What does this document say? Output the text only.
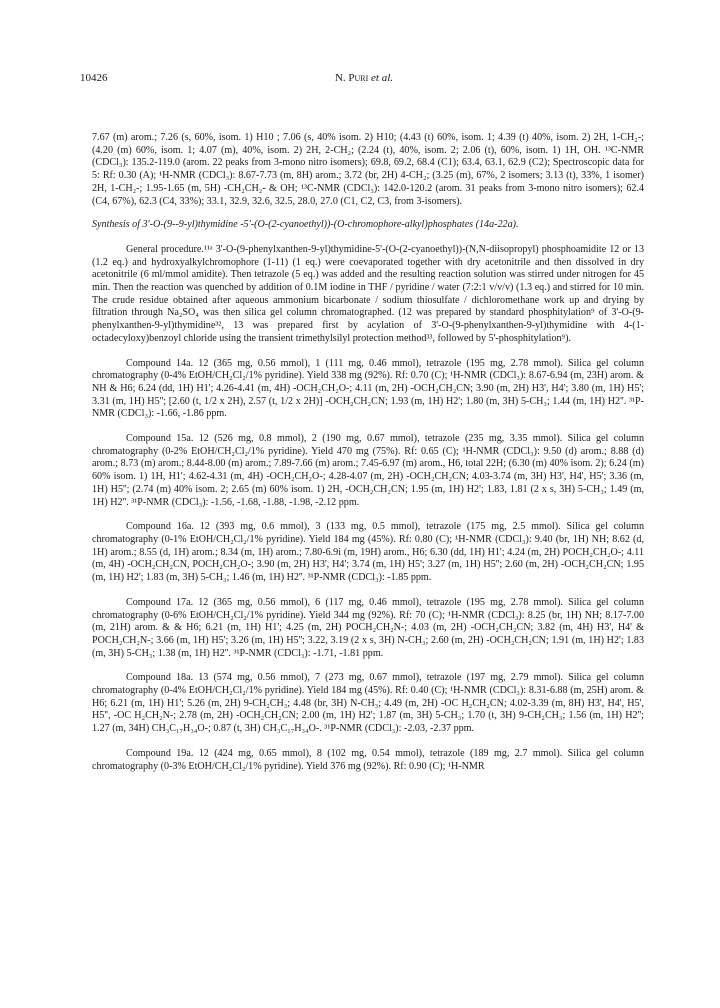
10426	N. Puri et al.

7.67 (m) arom.; 7.26 (s, 60%, isom. 1) H10 ; 7.06 (s, 40% isom. 2) H10; (4.43 (t) 60%, isom. 1; 4.39 (t) 40%, isom. 2) 2H, 1-CH₂-; (4.20 (m) 60%, isom. 1; 4.07 (m), 40%, isom. 2) 2H, 2-CH₂; (2.24 (t), 40%, isom. 2; 2.06 (t), 60%, isom. 1) 1H, OH. ¹³C-NMR (CDCl₃): 135.2-119.0 (arom. 22 peaks from 3-mono nitro isomers); 69.8, 69.2, 68.4 (C1); 63.4, 63.1, 62.9 (C2); Spectroscopic data for 5: Rf: 0.30 (A); ¹H-NMR (CDCl₃): 8.67-7.73 (m, 8H) arom.; 3.72 (br, 2H) 4-CH₂; (3.25 (m), 67%, 2 isomers; 3.13 (t), 33%, 1 isomer) 2H, 1-CH₂-; 1.95-1.65 (m, 5H) -CH₂CH₂- & OH; ¹³C-NMR (CDCl₃): 142.0-120.2 (arom. 31 peaks from 3-mono nitro isomers); 62.4 (C4, 67%), 62.3 (C4, 33%); 33.1, 32.9, 32.6, 32.5, 28.0, 27.0 (C1, C2, C3, from 3-isomers).

Synthesis of 3'-O-(9--9-yl)thymidine -5'-(O-(2-cyanoethyl))-(O-chromophore-alkyl)phosphates (14a-22a).

General procedure.¹¹ᵃ 3'-O-(9-phenylxanthen-9-yl)thymidine-5'-(O-(2-cyanoethyl))-(N,N-diisopropyl) phosphoamidite 12 or 13 (1.2 eq.) and hydroxyalkylchromophore (1-11) (1 eq.) were coevaporated together with dry acetonitrile and then dissolved in dry acetonitrile (6 ml/mmol amidite). Then tetrazole (5 eq.) was added and the resulting reaction solution was stirred under nitrogen for 45 min. Then the reaction was quenched by addition of 0.1M iodine in THF / pyridine / water (7:2:1 v/v/v) (1.3 eq.) and stirred for 10 min. The crude residue obtained after aqueous ammonium bicarbonate / sodium thiosulfate / dichloromethane work up and drying by filtration through Na₂SO₄ was then silica gel column chromatographed. (12 was prepared by standard phosphitylation⁹ of 3'-O-(9-phenylxanthen-9-yl)thymidine³², 13 was prepared first by acylation of 3'-O-(9-phenylxanthen-9-yl)thymidine with 4-(1-octadecyloxy)benzoyl chloride using the transient trimethylsilyl protection method³³, followed by 5'-phosphitylation⁹).

Compound 14a. 12 (365 mg, 0.56 mmol), 1 (111 mg, 0.46 mmol), tetrazole (195 mg, 2.78 mmol). Silica gel column chromatography (0-4% EtOH/CH₂Cl₂/1% pyridine). Yield 338 mg (92%). Rf: 0.70 (C); ¹H-NMR (CDCl₃): 8.67-6.94 (m, 23H) arom. & NH & H6; 6.24 (dd, 1H) H1'; 4.26-4.41 (m, 4H) -OCH₂CH₂O-; 4.11 (m, 2H) -OCH₂CH₂CN; 3.90 (m, 2H) H3', H4'; 3.80 (m, 1H) H5'; 3.31 (m, 1H) H5''; [2.60 (t, 1/2 x 2H), 2.57 (t, 1/2 x 2H)] -OCH₂CH₂CN; 1.93 (m, 1H) H2'; 1.80 (m, 3H) 5-CH₃; 1.44 (m, 1H) H2''. ³¹P-NMR (CDCl₃): -1.66, -1.86 ppm.

Compound 15a. 12 (526 mg, 0.8 mmol), 2 (190 mg, 0.67 mmol), tetrazole (235 mg, 3.35 mmol). Silica gel column chromatography (0-2% EtOH/CH₂Cl₂/1% pyridine). Yield 470 mg (75%). Rf: 0.65 (C); ¹H-NMR (CDCl₃): 9.50 (d) arom.; 8.88 (d) arom.; 8.73 (m) arom.; 8.44-8.00 (m) arom.; 7.89-7.66 (m) arom.; 7.45-6.97 (m) arom., H6, total 22H; (6.30 (m) 40% isom. 2); 6.24 (m) 60% isom. 1) 1H, H1'; 4.62-4.31 (m, 4H) -OCH₂CH₂O-; 4.28-4.07 (m, 2H) -OCH₂CH₂CN; 4.03-3.74 (m, 3H) H3', H4', H5'; 3.36 (m, 1H) H5''; (2.74 (m) 40% isom. 2; 2.65 (m) 60% isom. 1) 2H, -OCH₂CH₂CN; 1.95 (m, 1H) H2'; 1.83, 1.81 (2 x s, 3H) 5-CH₃; 1.49 (m, 1H) H2''. ³¹P-NMR (CDCl₃): -1.56, -1.68, -1.88, -1.98, -2.12 ppm.

Compound 16a. 12 (393 mg, 0.6 mmol), 3 (133 mg, 0.5 mmol), tetrazole (175 mg, 2.5 mmol). Silica gel column chromatography (0-1% EtOH/CH₂Cl₂/1% pyridine). Yield 184 mg (45%). Rf: 0.80 (C); ¹H-NMR (CDCl₃): 9.40 (br, 1H) NH; 8.62 (d, 1H) arom.; 8.55 (d, 1H) arom.; 8.34 (m, 1H) arom.; 7.80-6.9i (m, 19H) arom., H6; 6.30 (dd, 1H) H1'; 4.24 (m, 2H) POCH₂CH₂O-; 4.11 (m, 4H) -OCH₂CH₂CN, POCH₂CH₂O-; 3.90 (m, 2H) H3', H4'; 3.74 (m, 1H) H5'; 3.27 (m, 1H) H5''; 2.60 (m, 2H) -OCH₂CH₂CN; 1.95 (m, 1H) H2'; 1.83 (m, 3H) 5-CH₃; 1.46 (m, 1H) H2''. ³¹P-NMR (CDCl₃): -1.85 ppm.

Compound 17a. 12 (365 mg, 0.56 mmol), 6 (117 mg, 0.46 mmol), tetrazole (195 mg, 2.78 mmol). Silica gel column chromatography (0-6% EtOH/CH₂Cl₂/1% pyridine). Yield 344 mg (92%). Rf: 70 (C); ¹H-NMR (CDCl₃): 8.25 (br, 1H) NH; 8.17-7.00 (m, 21H) arom. & & H6; 6.21 (m, 1H) H1'; 4.25 (m, 2H) POCH₂CH₂N-; 4.03 (m, 2H) -OCH₂CH₂CN; 3.82 (m, 4H) H3', H4' & POCH₂CH₂N-; 3.66 (m, 1H) H5'; 3.26 (m, 1H) H5''; 3.22, 3.19 (2 x s, 3H) N-CH₃; 2.60 (m, 2H) -OCH₂CH₂CN; 1.91 (m, 1H) H2'; 1.83 (m, 3H) 5-CH₃; 1.38 (m, 1H) H2''. ³¹P-NMR (CDCl₃): -1.71, -1.81 ppm.

Compound 18a. 13 (574 mg, 0.56 mmol), 7 (273 mg, 0.67 mmol), tetrazole (197 mg, 2.79 mmol). Silica gel column chromatography (0-4% EtOH/CH₂Cl₂/1% pyridine). Yield 184 mg (45%). Rf: 0.40 (C); ¹H-NMR (CDCl₃): 8.31-6.88 (m, 25H) arom. & H6; 6.21 (m, 1H) H1'; 5.26 (m, 2H) 9-CH₂CH₃; 4.48 (br, 3H) N-CH₃; 4.49 (m, 2H) -OC H₂CH₂CN; 4.02-3.39 (m, 8H) H3', H4', H5', H5'', -OC H₂CH₂N-; 2.78 (m, 2H) -OCH₂CH₂CN; 2.00 (m, 1H) H2'; 1.87 (m, 3H) 5-CH₃; 1.70 (t, 3H) 9-CH₂CH₃; 1.56 (m, 1H) H2''; 1.27 (m, 34H) CH₃C₁₇H₃₄O-; 0.87 (t, 3H) CH₃C₁₇H₃₄O-. ³¹P-NMR (CDCl₃): -2.03, -2.37 ppm.

Compound 19a. 12 (424 mg, 0.65 mmol), 8 (102 mg, 0.54 mmol), tetrazole (189 mg, 2.7 mmol). Silica gel column chromatography (0-3% EtOH/CH₂Cl₂/1% pyridine). Yield 376 mg (92%). Rf: 0.90 (C); ¹H-NMR
